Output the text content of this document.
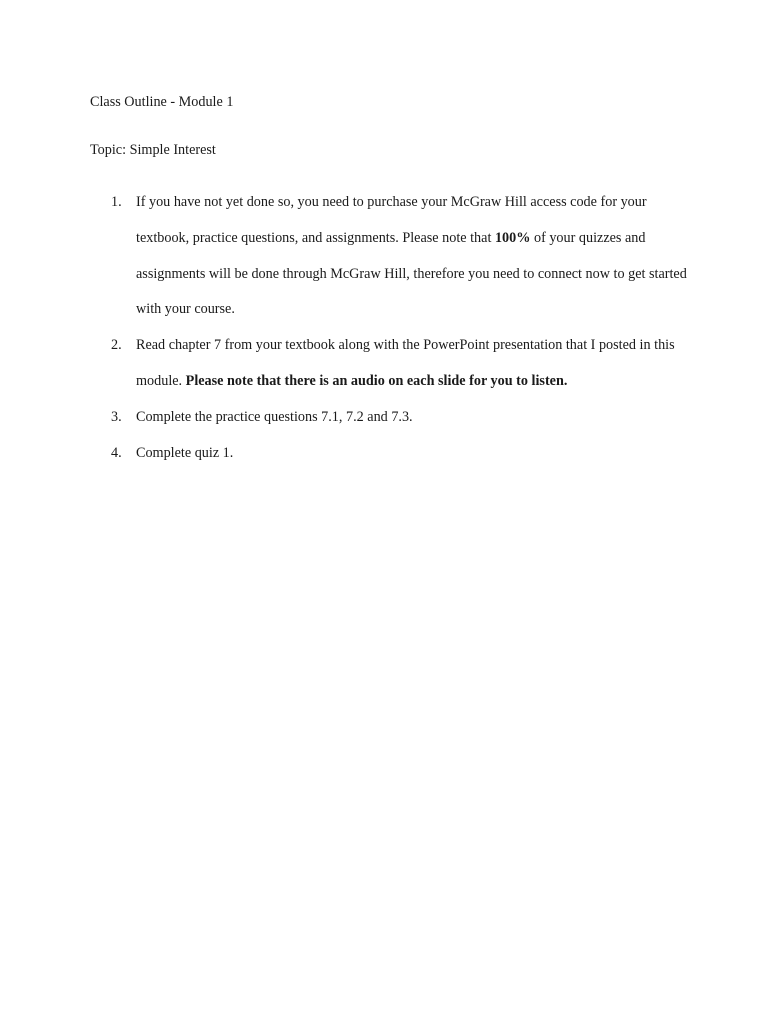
Class Outline - Module 1
Topic: Simple Interest
1. If you have not yet done so, you need to purchase your McGraw Hill access code for your textbook, practice questions, and assignments. Please note that 100% of your quizzes and assignments will be done through McGraw Hill, therefore you need to connect now to get started with your course.
2. Read chapter 7 from your textbook along with the PowerPoint presentation that I posted in this module. Please note that there is an audio on each slide for you to listen.
3. Complete the practice questions 7.1, 7.2 and 7.3.
4. Complete quiz 1.
